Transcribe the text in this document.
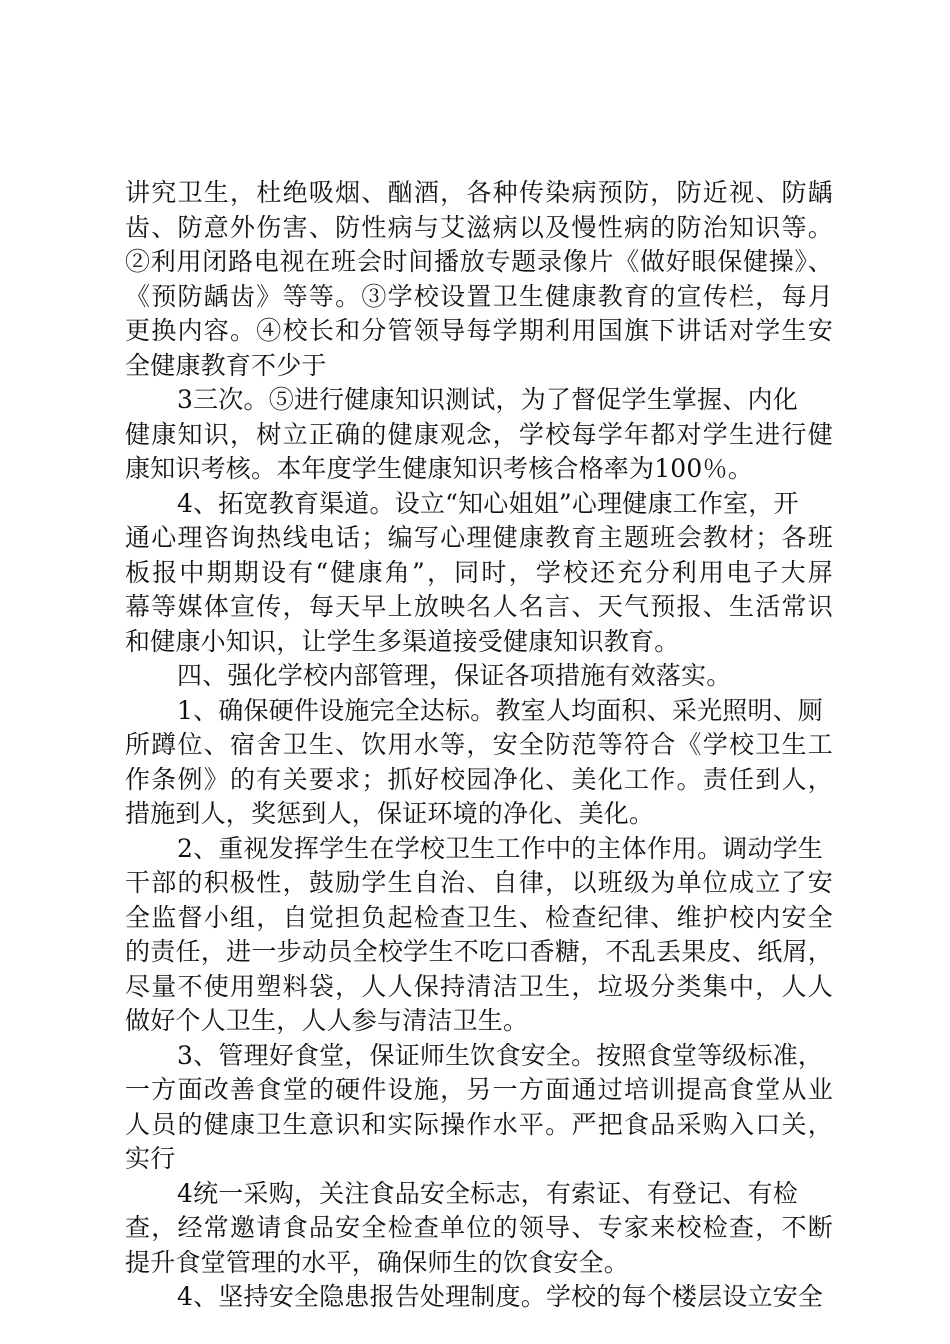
讲究卫生，杜绝吸烟、酗酒，各种传染病预防，防近视、防龋
齿、防意外伤害、防性病与艾滋病以及慢性病的防治知识等。
②利用闭路电视在班会时间播放专题录像片《做好眼保健操》、
《预防龋齿》等等。③学校设置卫生健康教育的宣传栏，每月
更换内容。④校长和分管领导每学期利用国旗下讲话对学生安
全健康教育不少于
3三次。⑤进行健康知识测试，为了督促学生掌握、内化
健康知识，树立正确的健康观念，学校每学年都对学生进行健
康知识考核。本年度学生健康知识考核合格率为100％。
4、拓宽教育渠道。设立“知心姐姐”心理健康工作室，开
通心理咨询热线电话；编写心理健康教育主题班会教材；各班
板报中期期设有“健康角”，同时，学校还充分利用电子大屏
幕等媒体宣传，每天早上放映名人名言、天气预报、生活常识
和健康小知识，让学生多渠道接受健康知识教育。
四、强化学校内部管理，保证各项措施有效落实。
1、确保硬件设施完全达标。教室人均面积、采光照明、厕
所蹲位、宿舍卫生、饮用水等，安全防范等符合《学校卫生工
作条例》的有关要求；抓好校园净化、美化工作。责任到人，
措施到人，奖惩到人，保证环境的净化、美化。
2、重视发挥学生在学校卫生工作中的主体作用。调动学生
干部的积极性，鼓励学生自治、自律，以班级为单位成立了安
全监督小组，自觉担负起检查卫生、检查纪律、维护校内安全
的责任，进一步动员全校学生不吃口香糖，不乱丢果皮、纸屑，
尽量不使用塑料袋，人人保持清洁卫生，垃圾分类集中，人人
做好个人卫生，人人参与清洁卫生。
3、管理好食堂，保证师生饮食安全。按照食堂等级标准，
一方面改善食堂的硬件设施，另一方面通过培训提高食堂从业
人员的健康卫生意识和实际操作水平。严把食品采购入口关，
实行
4统一采购，关注食品安全标志，有索证、有登记、有检
查，经常邀请食品安全检查单位的领导、专家来校检查，不断
提升食堂管理的水平，确保师生的饮食安全。
4、坚持安全隐患报告处理制度。学校的每个楼层设立安全
